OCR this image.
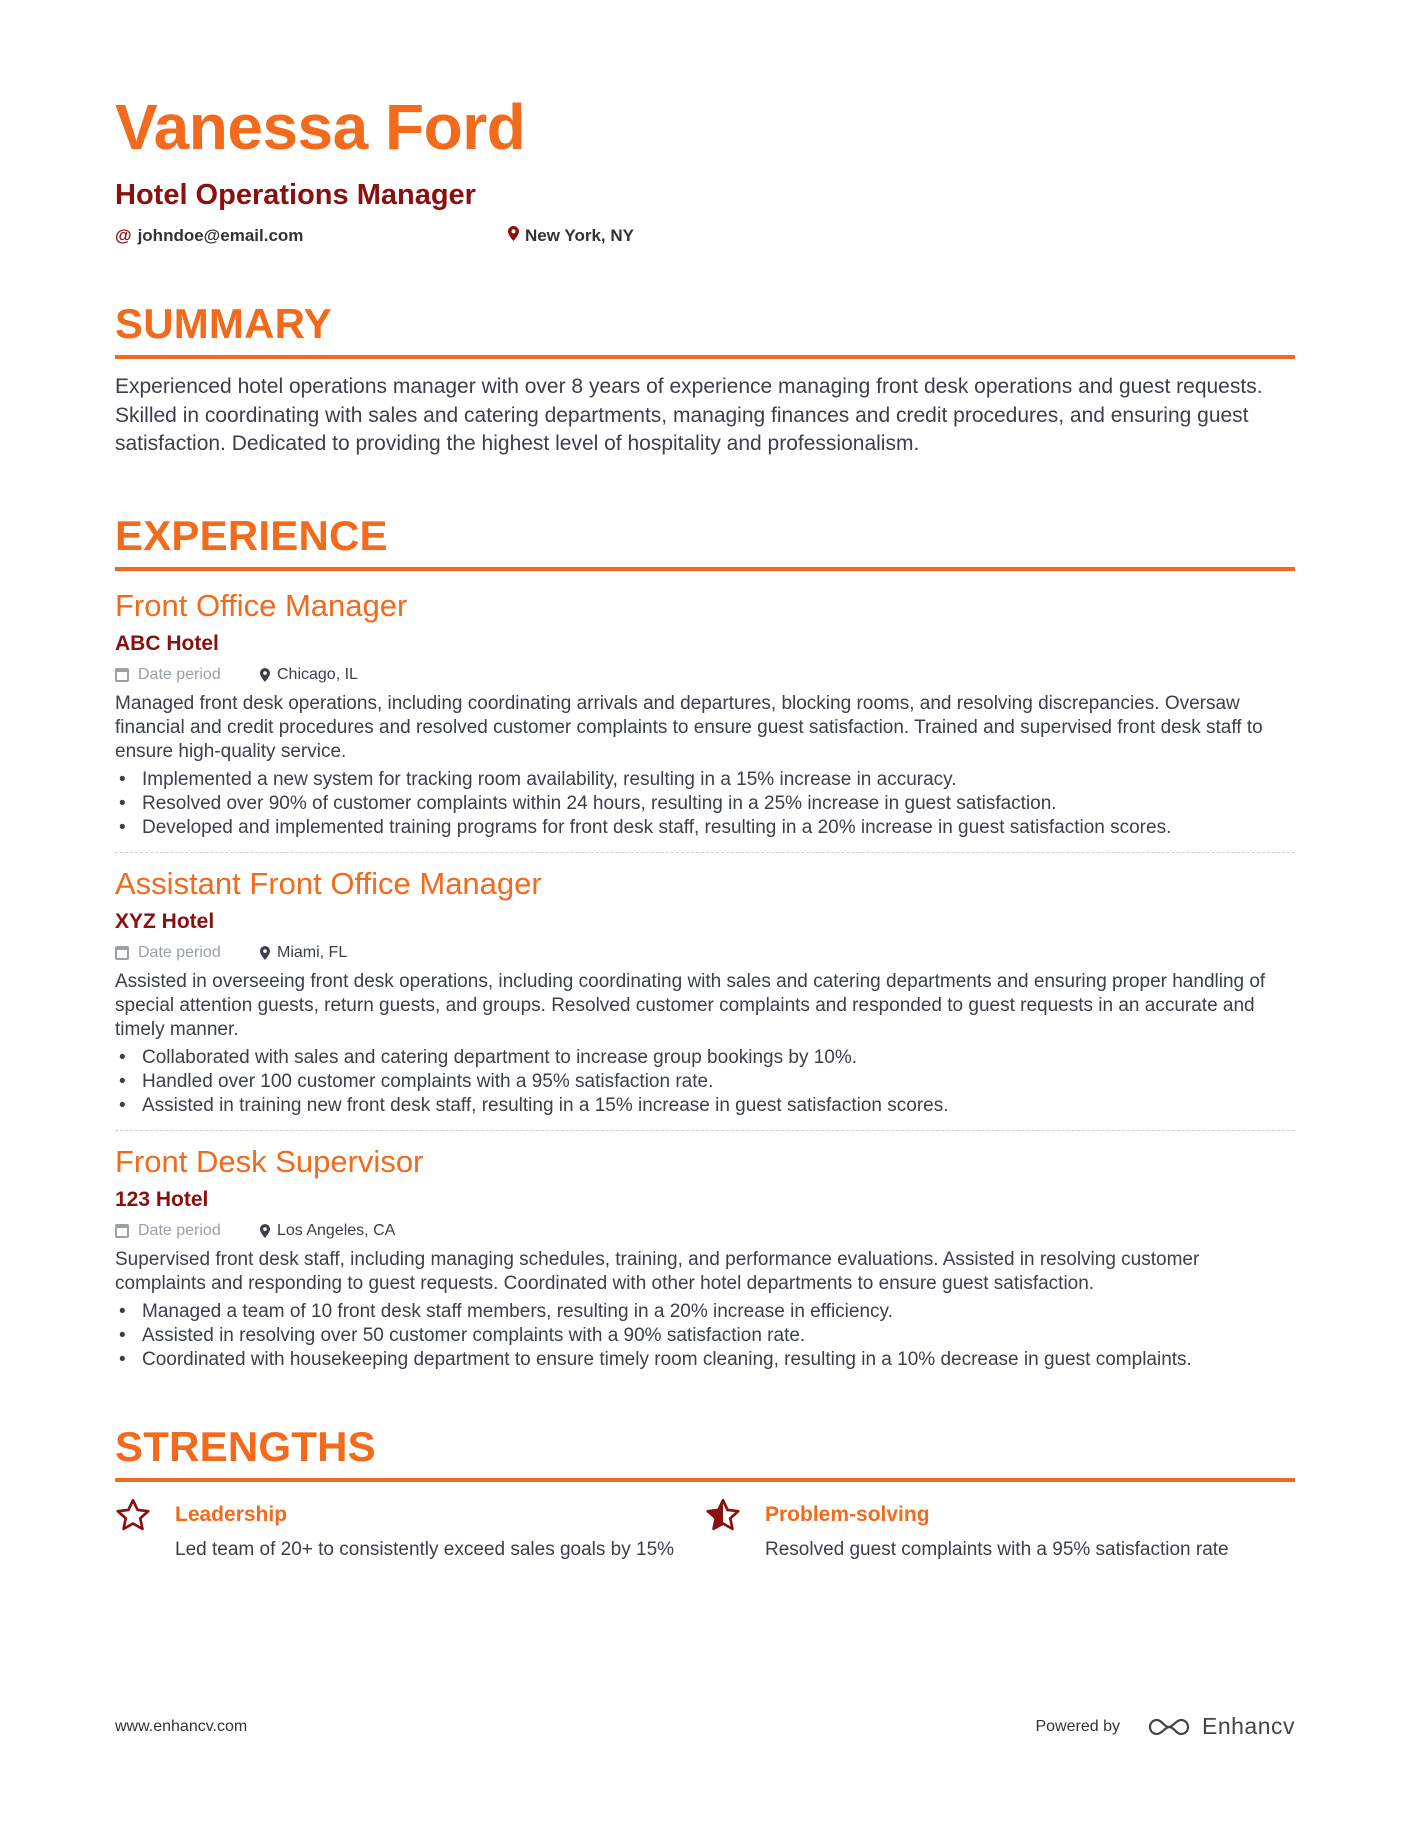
Vanessa Ford
Hotel Operations Manager
@ johndoe@email.com	New York, NY
SUMMARY
Experienced hotel operations manager with over 8 years of experience managing front desk operations and guest requests. Skilled in coordinating with sales and catering departments, managing finances and credit procedures, and ensuring guest satisfaction. Dedicated to providing the highest level of hospitality and professionalism.
EXPERIENCE
Front Office Manager
ABC Hotel
Date period	Chicago, IL
Managed front desk operations, including coordinating arrivals and departures, blocking rooms, and resolving discrepancies. Oversaw financial and credit procedures and resolved customer complaints to ensure guest satisfaction. Trained and supervised front desk staff to ensure high-quality service.
• Implemented a new system for tracking room availability, resulting in a 15% increase in accuracy.
• Resolved over 90% of customer complaints within 24 hours, resulting in a 25% increase in guest satisfaction.
• Developed and implemented training programs for front desk staff, resulting in a 20% increase in guest satisfaction scores.
Assistant Front Office Manager
XYZ Hotel
Date period	Miami, FL
Assisted in overseeing front desk operations, including coordinating with sales and catering departments and ensuring proper handling of special attention guests, return guests, and groups. Resolved customer complaints and responded to guest requests in an accurate and timely manner.
• Collaborated with sales and catering department to increase group bookings by 10%.
• Handled over 100 customer complaints with a 95% satisfaction rate.
• Assisted in training new front desk staff, resulting in a 15% increase in guest satisfaction scores.
Front Desk Supervisor
123 Hotel
Date period	Los Angeles, CA
Supervised front desk staff, including managing schedules, training, and performance evaluations. Assisted in resolving customer complaints and responding to guest requests. Coordinated with other hotel departments to ensure guest satisfaction.
• Managed a team of 10 front desk staff members, resulting in a 20% increase in efficiency.
• Assisted in resolving over 50 customer complaints with a 90% satisfaction rate.
• Coordinated with housekeeping department to ensure timely room cleaning, resulting in a 10% decrease in guest complaints.
STRENGTHS
Leadership
Led team of 20+ to consistently exceed sales goals by 15%
Problem-solving
Resolved guest complaints with a 95% satisfaction rate
www.enhancv.com	Powered by	Enhancv
